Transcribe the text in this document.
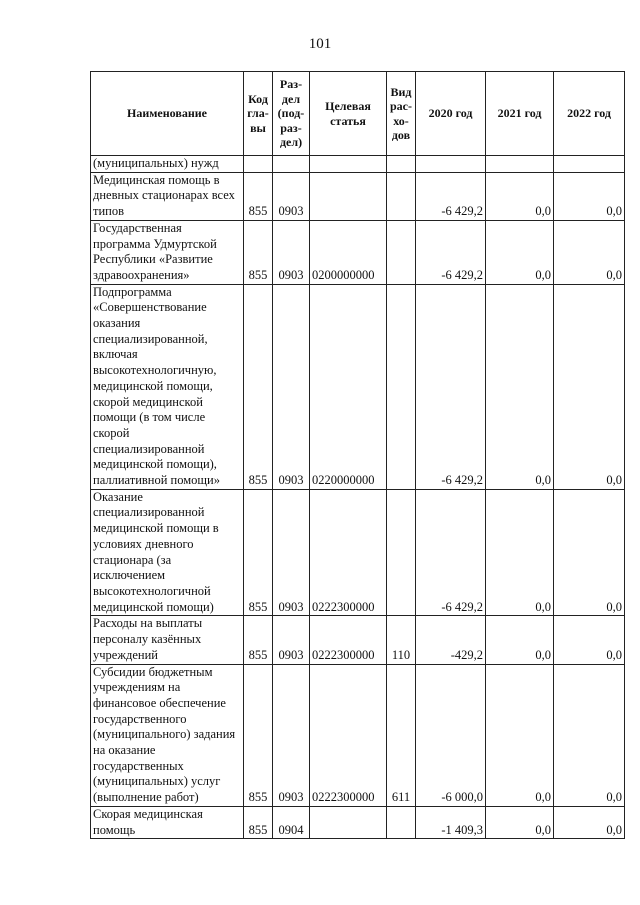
101
Наименование	Код гла- вы	Раз- дел (под- раз- дел)	Целевая статья	Вид рас- хо- дов	2020 год	2021 год	2022 год
(муниципальных) нужд							
Медицинская помощь в дневных стационарах всех типов	855	0903			-6 429,2	0,0	0,0
Государственная программа Удмуртской Республики «Развитие здравоохранения»	855	0903	0200000000		-6 429,2	0,0	0,0
Подпрограмма «Совершенствование оказания специализированной, включая высокотехнологичную, медицинской помощи, скорой медицинской помощи (в том числе скорой специализированной медицинской помощи), паллиативной помощи»	855	0903	0220000000		-6 429,2	0,0	0,0
Оказание специализированной медицинской помощи в условиях дневного стационара (за исключением высокотехнологичной медицинской помощи)	855	0903	0222300000		-6 429,2	0,0	0,0
Расходы на выплаты персоналу казённых учреждений	855	0903	0222300000	110	-429,2	0,0	0,0
Субсидии бюджетным учреждениям на финансовое обеспечение государственного (муниципального) задания на оказание государственных (муниципальных) услуг (выполнение работ)	855	0903	0222300000	611	-6 000,0	0,0	0,0
Скорая медицинская помощь	855	0904			-1 409,3	0,0	0,0
